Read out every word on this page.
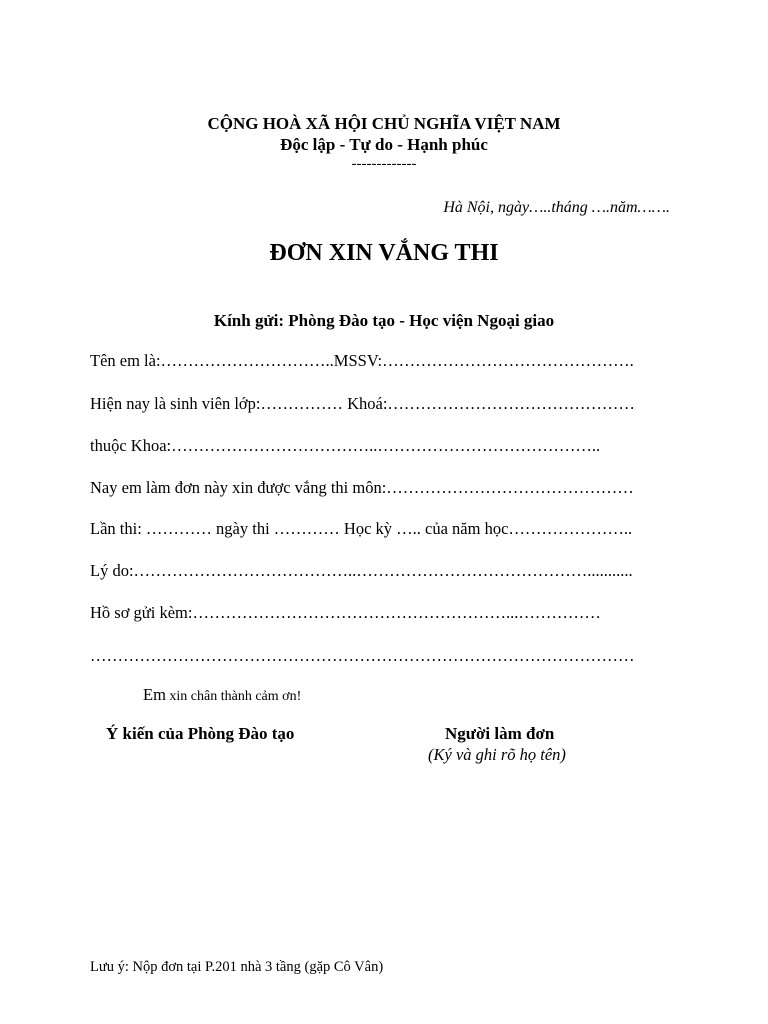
CỘNG HOÀ XÃ HỘI CHỦ NGHĨA VIỆT NAM
Độc lập - Tự do - Hạnh phúc
-------------
Hà Nội, ngày…..tháng ….năm…….
ĐƠN XIN VẮNG THI
Kính gửi: Phòng Đào tạo - Học viện Ngoại giao
Tên em là:…………………………..MSSV:……………………………………….
Hiện nay là sinh viên lớp:…………… Khoá:………………………………………
thuộc Khoa:………………………………..…………………………………..
Nay em làm đơn này xin được vắng thi môn:………………………………………
Lần thi: ………… ngày thi ………… Học kỳ ….. của năm học…………………..
Lý do:…………………………………..……………………………………...........
Hồ sơ gửi kèm:…………………………………………………...……………
………………………………………………………………………………………
Em xin chân thành cảm ơn!
Ý kiến của Phòng Đào tạo	Người làm đơn
(Ký và ghi rõ họ tên)
Lưu ý: Nộp đơn tại P.201 nhà 3 tầng (gặp Cô Vân)
